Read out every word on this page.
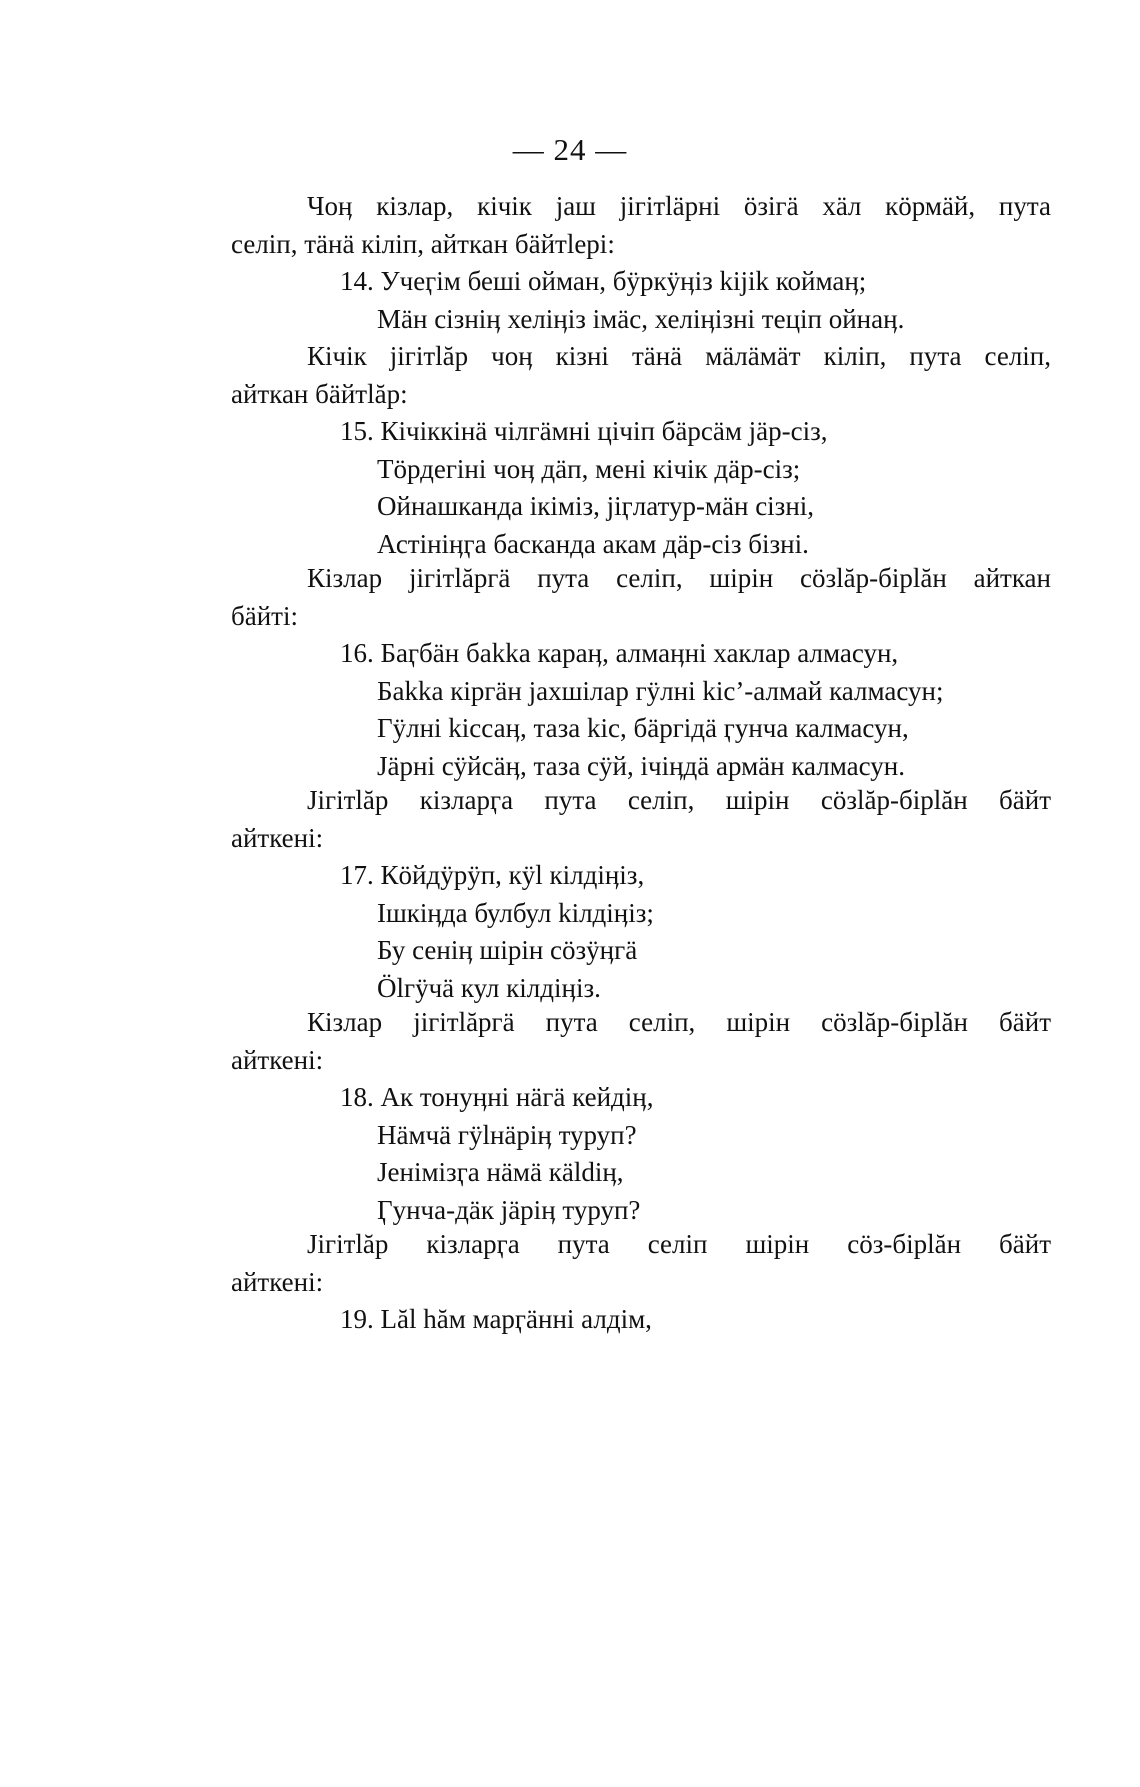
— 24 —
Чоӊ кізлар, кічік јаш јігітläрні öзігä хäл кöрмäй, пута
селіп, тäнä кіліп, айткан бäйтlері:
14. Учеӷім беші ойман, бӱркӱӊіз kijik коймаӊ;
Мäн сізніӊ хеліӊіз імäс, хеліӊізні теціп ойнаӊ.
Кічік jiгітlăр чоӊ кізні тäнä мäлäмäт кіліп, пута селіп,
айткан бäйтlăр:
15. Кічіккінä чілгäмні цічіп бäрсäм јäр-сіз,
Тöрдегіні чоӊ дäп, мені кічік дäр-сіз;
Ойнашканда ікіміз, јіӷлатур-мäн сізні,
Астініӊӷа басканда акам дäр-сіз бізні.
Кізлар jiгітlăргä пута селіп, шірін сöзlăр-бірlăн айткан
бäйті:
16. Баӷбäн бakka караӊ, алмаӊні хаклар алмасун,
Бakka кіргäн јахшілар гӱлні kic’-алмай калмасун;
Гӱлні kіссаӊ, таза kic, бäргідä ӷунча калмасун,
Јäрні сӱйсäӊ, таза сӱй, ічіӊдä армäн калмасун.
Jiгітlăр кізларӷа пута селіп, шірін сöзlăр-бірlăн бäйт
айткені:
17. Кöйдӱрӱп, кӱl кілдіӊіз,
Ішкіӊда булбул kілдіӊіз;
Бу сеніӊ шірін сöзӱӊгä
Ölгӱчä кул кілдіӊіз.
Кізлар jiгітlăргä пута селіп, шірін сöзlăр-бірlăн бäйт
айткені:
18. Ак тонуӊні нäгä кейдіӊ,
Нäмчä гӱlнäріӊ туруп?
Јенімізӷа нäмä кäldіӊ,
Ӷунча-дäк јäріӊ туруп?
Jiгітlăр кізларӷа пута селіп шірін сöз-бірlăн бäйт
айткені:
19. Lăl hăм марӷäнні алдім,
